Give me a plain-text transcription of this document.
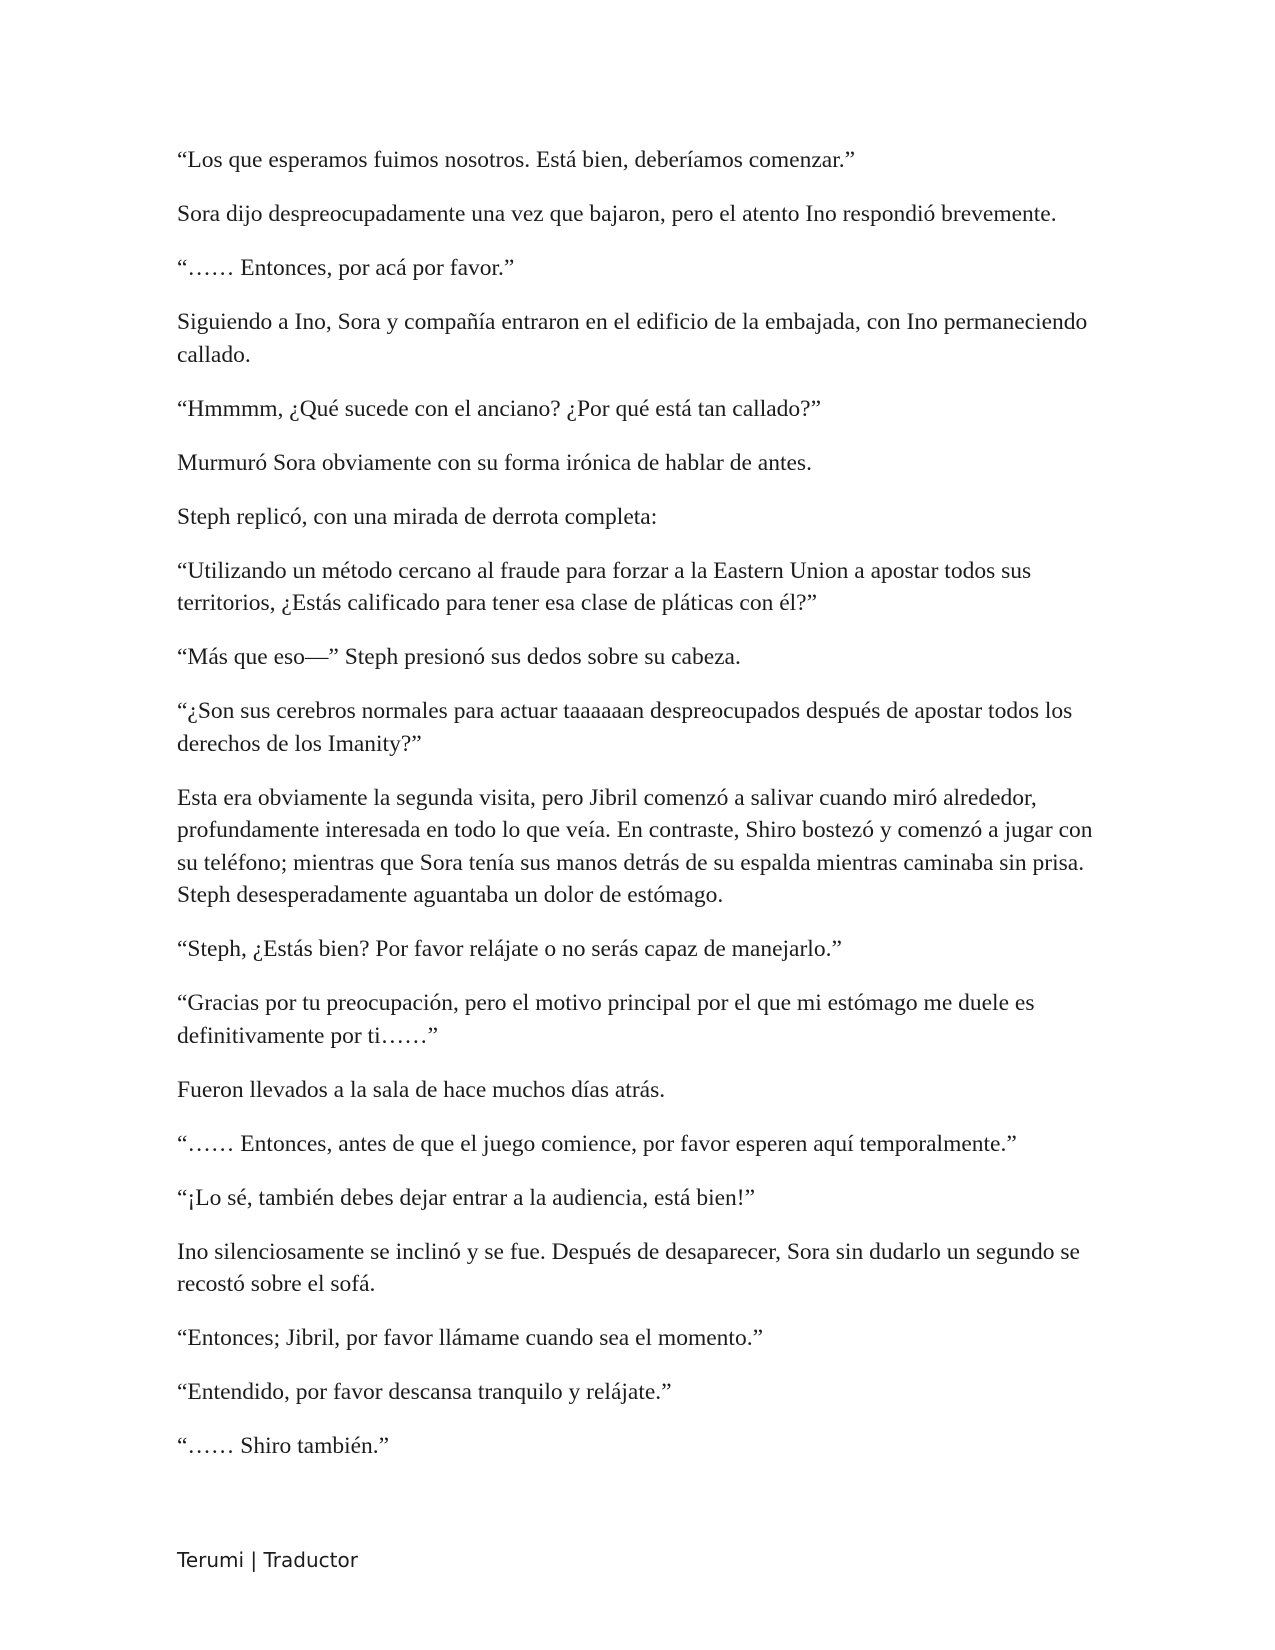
“Los que esperamos fuimos nosotros. Está bien, deberíamos comenzar.”

Sora dijo despreocupadamente una vez que bajaron, pero el atento Ino respondió brevemente.

“…… Entonces, por acá por favor.”

Siguiendo a Ino, Sora y compañía entraron en el edificio de la embajada, con Ino permaneciendo callado.

“Hmmmm, ¿Qué sucede con el anciano? ¿Por qué está tan callado?”

Murmuró Sora obviamente con su forma irónica de hablar de antes.

Steph replicó, con una mirada de derrota completa:

“Utilizando un método cercano al fraude para forzar a la Eastern Union a apostar todos sus territorios, ¿Estás calificado para tener esa clase de pláticas con él?”

“Más que eso—” Steph presionó sus dedos sobre su cabeza.

“¿Son sus cerebros normales para actuar taaaaaan despreocupados después de apostar todos los derechos de los Imanity?”

Esta era obviamente la segunda visita, pero Jibril comenzó a salivar cuando miró alrededor, profundamente interesada en todo lo que veía. En contraste, Shiro bostezó y comenzó a jugar con su teléfono; mientras que Sora tenía sus manos detrás de su espalda mientras caminaba sin prisa. Steph desesperadamente aguantaba un dolor de estómago.

“Steph, ¿Estás bien? Por favor relájate o no serás capaz de manejarlo.”

“Gracias por tu preocupación, pero el motivo principal por el que mi estómago me duele es definitivamente por ti……”

Fueron llevados a la sala de hace muchos días atrás.

“…… Entonces, antes de que el juego comience, por favor esperen aquí temporalmente.”

“¡Lo sé, también debes dejar entrar a la audiencia, está bien!”

Ino silenciosamente se inclinó y se fue. Después de desaparecer, Sora sin dudarlo un segundo se recostó sobre el sofá.

“Entonces; Jibril, por favor llámame cuando sea el momento.”

“Entendido, por favor descansa tranquilo y relájate.”

“…… Shiro también.”

Terumi | Traductor
